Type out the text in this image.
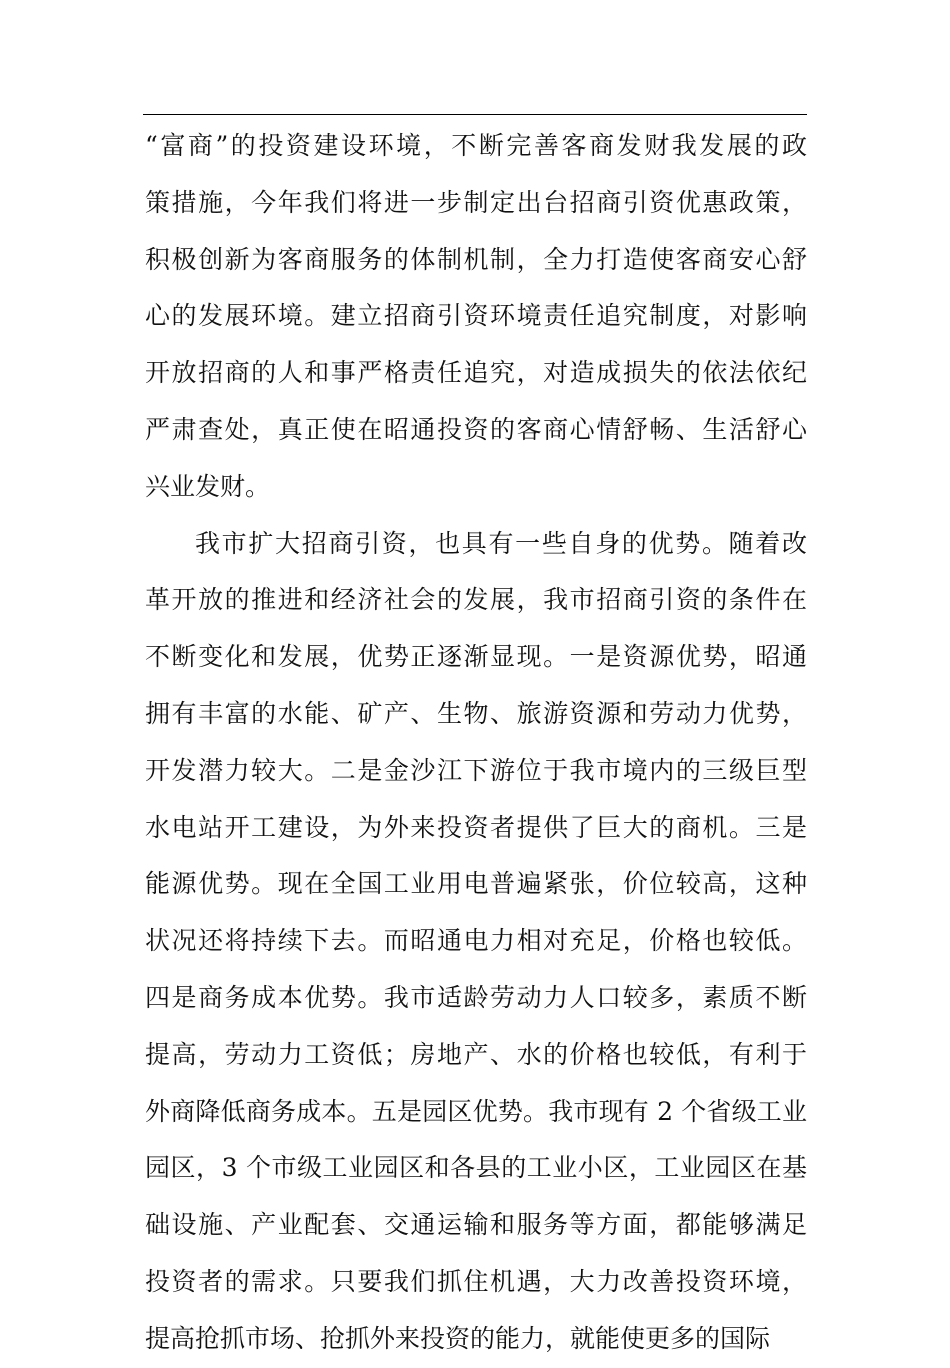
“富商”的投资建设环境，不断完善客商发财我发展的政
策措施，今年我们将进一步制定出台招商引资优惠政策，
积极创新为客商服务的体制机制，全力打造使客商安心舒
心的发展环境。建立招商引资环境责任追究制度，对影响
开放招商的人和事严格责任追究，对造成损失的依法依纪
严肃查处，真正使在昭通投资的客商心情舒畅、生活舒心
兴业发财。
我市扩大招商引资，也具有一些自身的优势。随着改
革开放的推进和经济社会的发展，我市招商引资的条件在
不断变化和发展，优势正逐渐显现。一是资源优势，昭通
拥有丰富的水能、矿产、生物、旅游资源和劳动力优势，
开发潜力较大。二是金沙江下游位于我市境内的三级巨型
水电站开工建设，为外来投资者提供了巨大的商机。三是
能源优势。现在全国工业用电普遍紧张，价位较高，这种
状况还将持续下去。而昭通电力相对充足，价格也较低。
四是商务成本优势。我市适龄劳动力人口较多，素质不断
提高，劳动力工资低；房地产、水的价格也较低，有利于
外商降低商务成本。五是园区优势。我市现有 2 个省级工业
园区，3 个市级工业园区和各县的工业小区，工业园区在基
础设施、产业配套、交通运输和服务等方面，都能够满足
投资者的需求。只要我们抓住机遇，大力改善投资环境，
提高抢抓市场、抢抓外来投资的能力，就能使更多的国际
